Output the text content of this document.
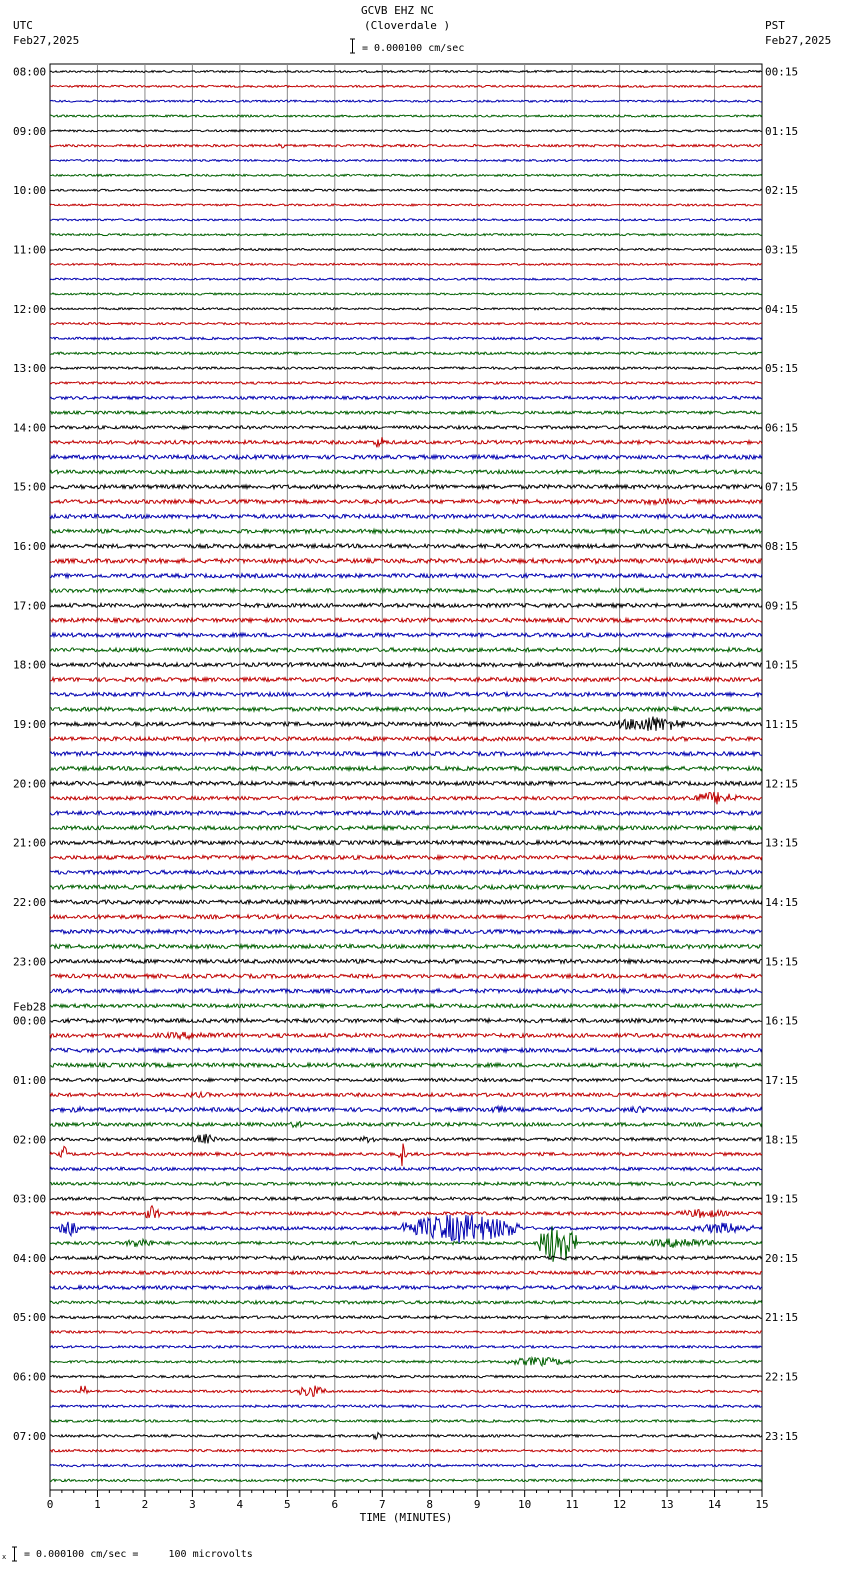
GCVB EHZ NC
(Cloverdale )
UTC
Feb27,2025
PST
Feb27,2025
= 0.000100 cm/sec
08:00	00:15
09:00	01:15
10:00	02:15
11:00	03:15
12:00	04:15
13:00	05:15
14:00	06:15
15:00	07:15
16:00	08:15
17:00	09:15
18:00	10:15
19:00	11:15
20:00	12:15
21:00	13:15
22:00	14:15
23:00	15:15
00:00	16:15
01:00	17:15
02:00	18:15
03:00	19:15
04:00	20:15
05:00	21:15
06:00	22:15
07:00	23:15
Feb28
0	1	2	3	4	5	6	7	8	9	10	11	12	13	14	15
TIME (MINUTES)
x = 0.000100 cm/sec =     100 microvolts
